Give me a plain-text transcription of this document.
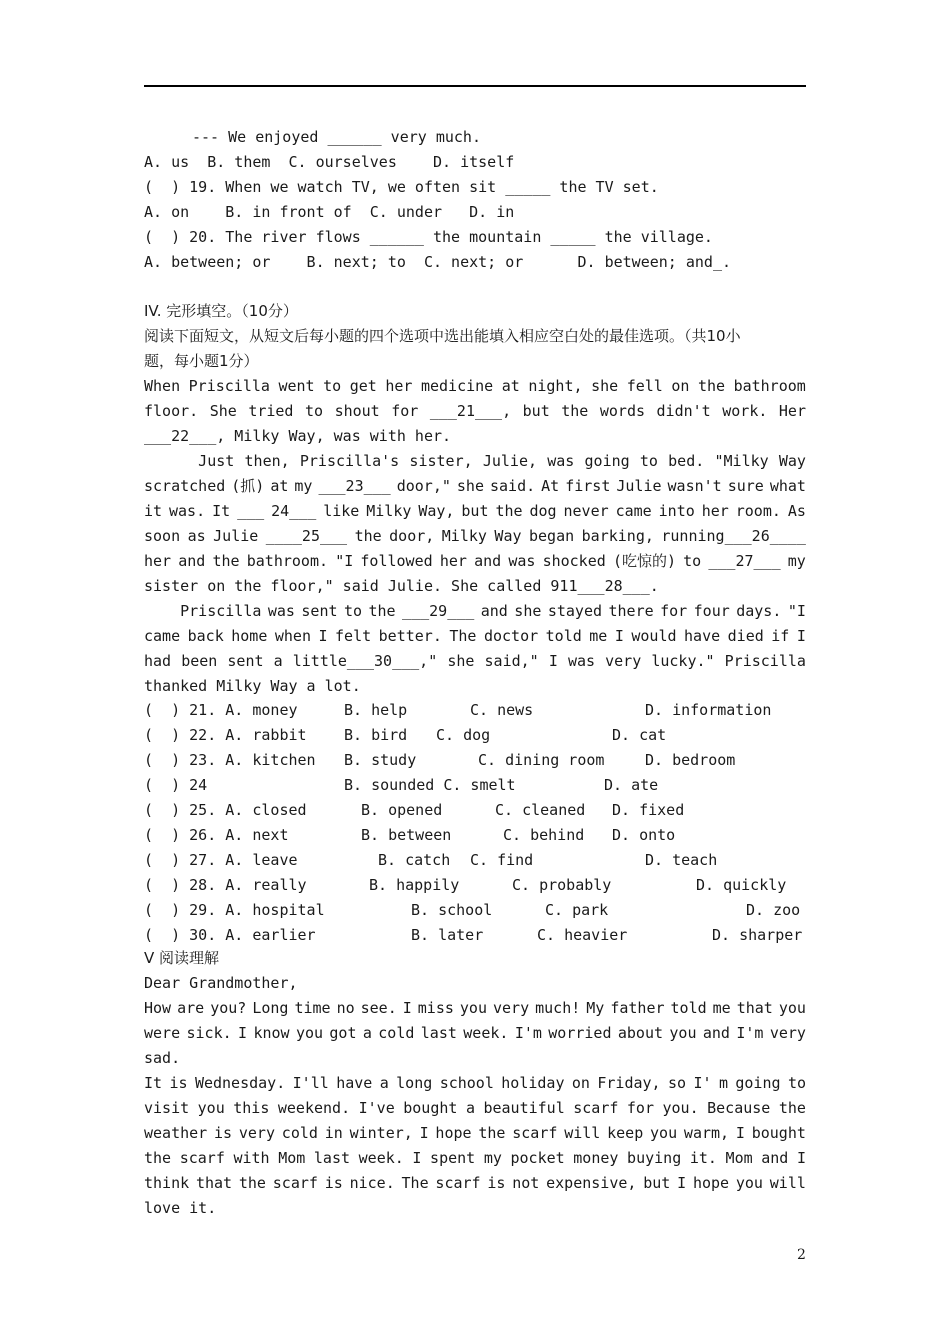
--- We enjoyed ______ very much.
A. us  B. them  C. ourselves    D. itself
(  ) 19. When we watch TV, we often sit _____ the TV set.
A. on    B. in front of  C. under   D. in
(  ) 20. The river flows ______ the mountain _____ the village.
A. between; or    B. next; to  C. next; or      D. between; and_.
IV. 完形填空。（10分）
阅读下面短文，从短文后每小题的四个选项中选出能填入相应空白处的最佳选项。（共10小
题，每小题1分）
When Priscilla went to get her medicine at night, she fell on the bathroom
floor. She tried to shout for ___21___, but the words didn't work. Her
___22___, Milky Way, was with her.
Just then, Priscilla's sister, Julie, was going to bed. "Milky Way
scratched (抓) at my ___23___ door," she said. At first Julie wasn't sure what
it was. It ___ 24___ like Milky Way, but the dog never came into her room. As
soon as Julie ____25___ the door, Milky Way began barking, running___26____
her and the bathroom. "I followed her and was shocked (吃惊的) to ___27___ my
sister on the floor," said Julie. She called 911___28___.
Priscilla was sent to the ___29___ and she stayed there for four days. "I
came back home when I felt better. The doctor told me I would have died if I
had been sent a little___30___," she said," I was very lucky." Priscilla
thanked Milky Way a lot.
(  ) 21. A. money	B. help	C. news	D. information
(  ) 22. A. rabbit B. bird C. dog	D. cat
(  ) 23. A. kitchen B. study	C. dining room	D. bedroom
(  ) 24	B. sounded C. smelt	D. ate
(  ) 25. A. closed	B. opened	C. cleaned D. fixed
(  ) 26. A. next	B. between	C. behind D. onto
(  ) 27. A. leave	B. catch C. find	D. teach
(  ) 28. A. really	B. happily	C. probably	D. quickly
(  ) 29. A. hospital	B. school	C. park	D. zoo
(  ) 30. A. earlier	B. later	C. heavier	D. sharper
V 阅读理解
Dear Grandmother,
How are you? Long time no see. I miss you very much! My father told me that you
were sick. I know you got a cold last week. I'm worried about you and I'm very
sad.
It is Wednesday. I'll have a long school holiday on Friday, so I' m going to
visit you this weekend. I've bought a beautiful scarf for you. Because the
weather is very cold in winter, I hope the scarf will keep you warm, I bought
the scarf with Mom last week. I spent my pocket money buying it. Mom and I
think that the scarf is nice. The scarf is not expensive, but I hope you will
love it.
2
